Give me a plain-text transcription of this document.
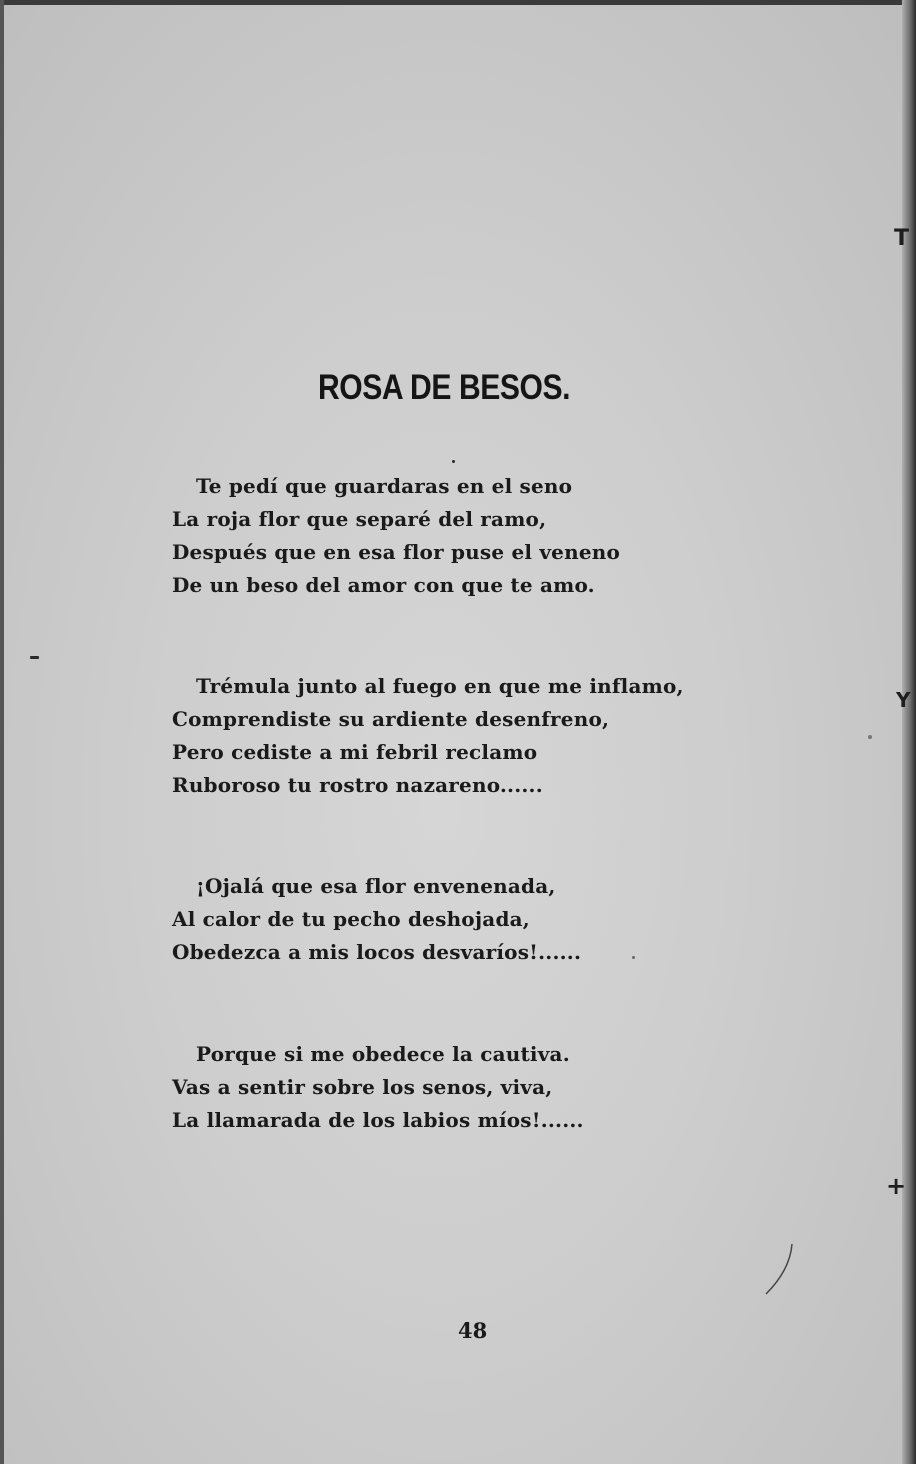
ROSA DE BESOS.
Te pedí que guardaras en el seno
La roja flor que separé del ramo,
Después que en esa flor puse el veneno
De un beso del amor con que te amo.
Trémula junto al fuego en que me inflamo,
Comprendiste su ardiente desenfreno,
Pero cediste a mi febril reclamo
Ruboroso tu rostro nazareno......
¡Ojalá que esa flor envenenada,
Al calor de tu pecho deshojada,
Obedezca a mis locos desvaríos!......
Porque si me obedece la cautiva.
Vas a sentir sobre los senos, viva,
La llamarada de los labios míos!......
48
T
Y
+
